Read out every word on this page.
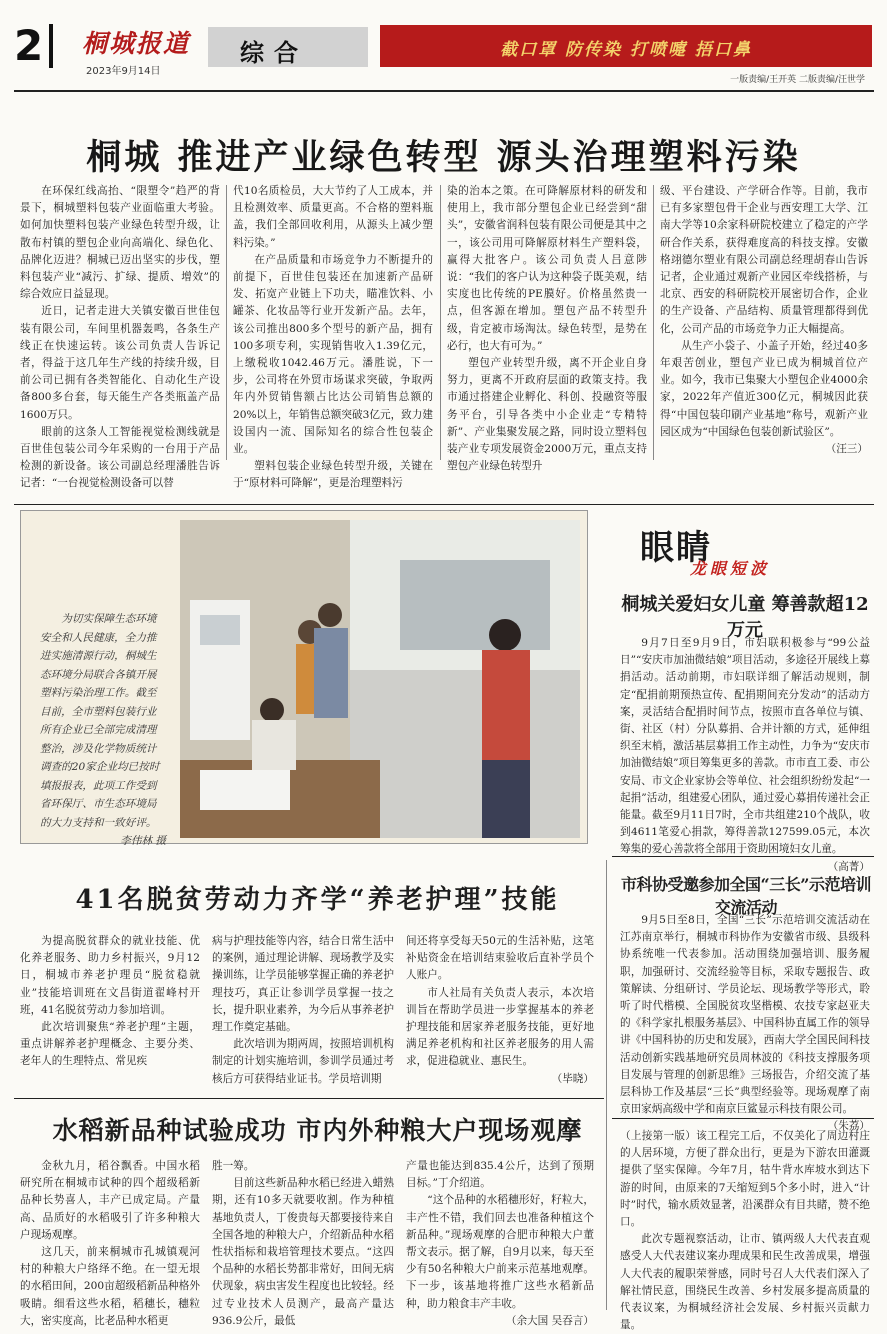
2	桐城报道
2023年9月14日
综合	截口罩 防传染 打喷嚏 捂口鼻
一版责编/王开英 二版责编/汪世学
桐城 推进产业绿色转型 源头治理塑料污染

在环保红线高抬、“限塑令”趋严的背景下，桐城塑料包装产业面临重大考验。如何加快塑料包装产业绿色转型升级，让散布村镇的塑包企业向高端化、绿色化、品牌化迈进？桐城已迈出坚实的步伐，塑料包装产业“减污、扩绿、提质、增效”的综合效应日益显现。

近日，记者走进大关镇安徽百世佳包装有限公司，车间里机器轰鸣，各条生产线正在快速运转。该公司负责人告诉记者，得益于这几年生产线的持续升级，目前公司已拥有各类智能化、自动化生产设备800多台套，每天能生产各类瓶盖产品1600万只。

眼前的这条人工智能视觉检测线就是百世佳包装公司今年采购的一台用于产品检测的新设备。该公司副总经理潘胜告诉记者：“一台视觉检测设备可以替

代10名质检员，大大节约了人工成本，并且检测效率、质量更高。不合格的塑料瓶盖，我们全部回收利用，从源头上减少塑料污染。”

在产品质量和市场竞争力不断提升的前提下，百世佳包装还在加速新产品研发、拓宽产业链上下功夫，瞄准饮料、小罐茶、化妆品等行业开发新产品。去年，该公司推出800多个型号的新产品，拥有100多项专利，实现销售收入1.39亿元，上缴税收1042.46万元。潘胜说，下一步，公司将在外贸市场谋求突破，争取两年内外贸销售额占比达公司销售总额的20%以上，年销售总额突破3亿元，致力建设国内一流、国际知名的综合性包装企业。

塑料包装企业绿色转型升级，关键在于“原材料可降解”，更是治理塑料污

染的治本之策。在可降解原材料的研发和使用上，我市部分塑包企业已经尝到“甜头”，安徽省润科包装有限公司便是其中之一，该公司用可降解原材料生产塑料袋，赢得大批客户。该公司负责人吕意陟说：“我们的客户认为这种袋子既美观，结实度也比传统的PE膜好。价格虽然贵一点，但客源在增加。塑包产品不转型升级，肯定被市场淘汰。绿色转型，是势在必行，也大有可为。”

塑包产业转型升级，离不开企业自身努力，更离不开政府层面的政策支持。我市通过搭建企业孵化、科创、投融资等服务平台，引导各类中小企业走“专精特新”、产业集聚发展之路，同时设立塑料包装产业专项发展资金2000万元，重点支持塑包产业绿色转型升

级、平台建设、产学研合作等。目前，我市已有多家塑包骨干企业与西安理工大学、江南大学等10余家科研院校建立了稳定的产学研合作关系，获得难度高的科技支撑。安徽格翊德尔塑业有限公司副总经理胡春山告诉记者，企业通过观新产业园区牵线搭桥，与北京、西安的科研院校开展密切合作，企业的生产设备、产品结构、质量管理都得到优化，公司产品的市场竞争力正大幅提高。

从生产小袋子、小盖子开始，经过40多年艰苦创业，塑包产业已成为桐城首位产业。如今，我市已集聚大小塑包企业4000余家，2022年产值近300亿元，桐城因此获得“中国包装印刷产业基地”称号，观新产业园区成为“中国绿色包装创新试验区”。

（汪三）

为切实保障生态环境安全和人民健康，全力推进实施清源行动，桐城生态环境分局联合各镇开展塑料污染治理工作。截至目前，全市塑料包装行业所有企业已全部完成清理整治，涉及化学物质统计调查的20家企业均已按时填报报表，此项工作受到省环保厅、市生态环境局的大力支持和一致好评。

李伟林 摄
眼睛
龙眼短波
桐城关爱妇女儿童 筹善款超12万元

9月7日至9月9日，市妇联积极参与“99公益日”“安庆市加油微结娘”项目活动，多途径开展线上募捐活动。活动前期，市妇联详细了解活动规则，制定“配捐前期预热宣传、配捐期间充分发动”的活动方案，灵活结合配捐时间节点，按照市直各单位与镇、街、社区（村）分队募捐、合并计额的方式，延伸组织至末梢，激活基层募捐工作主动性，力争为“安庆市加油微结娘”项目筹集更多的善款。市市直工委、市公安局、市文企业家协会等单位、社会组织纷纷发起“一起捐”活动，组建爱心团队，通过爱心募捐传递社会正能量。截至9月11日7时，全市共组建210个战队，收到4611笔爱心捐款，筹得善款127599.05元，本次筹集的爱心善款将全部用于资助困境妇女儿童。

（高菁）
市科协受邀参加全国“三长”示范培训交流活动

9月5日至8日，全国“三长”示范培训交流活动在江苏南京举行，桐城市科协作为安徽省市级、县级科协系统唯一代表参加。活动围绕加强培训、服务履职，加强研讨、交流经验等目标，采取专题报告、政策解读、分组研讨、学员论坛、现场教学等形式，聆听了时代楷模、全国脱贫攻坚楷模、农技专家赵亚夫的《科学家扎根服务基层》、中国科协直属工作的领导讲《中国科协的历史和发展》，西南大学全国民间科技活动创新实践基地研究员周林波的《科技支撑服务项目发展与管理的创新思维》三场报告，介绍交流了基层科协工作及基层“三长”典型经验等。现场观摩了南京田家炳高级中学和南京巨鲨显示科技有限公司。

（朱荔）

（上接第一版）该工程完工后，不仅美化了周边村庄的人居环境，方便了群众出行，更是为下游农田灌溉提供了坚实保障。今年7月，牯牛背水库坡水到达下游的时间，由原来的7天缩短到5个多小时，进入“计时”时代，输水质效显著，沿溪群众有目共睹，赞不绝口。

此次专题视察活动，让市、镇两级人大代表直观感受人大代表建议案办理成果和民生改善成果，增强人大代表的履职荣誉感，同时号召人大代表们深入了解社情民意，围绕民生改善、乡村发展多提高质量的代表议案，为桐城经济社会发展、乡村振兴贡献力量。

41名脱贫劳动力齐学“养老护理”技能

为提高脱贫群众的就业技能、优化养老服务、助力乡村振兴，9月12日，桐城市养老护理员“脱贫稳就业”技能培训班在文昌街道翟峰村开班，41名脱贫劳动力参加培训。

此次培训聚焦“养老护理”主题，重点讲解养老护理概念、主要分类、老年人的生理特点、常见疾

病与护理技能等内容，结合日常生活中的案例，通过理论讲解、现场教学及实操训练，让学员能够掌握正确的养老护理技巧，真正让参训学员掌握一技之长，提升职业素养，为今后从事养老护理工作奠定基础。

此次培训为期两周，按照培训机构制定的计划实施培训，参训学员通过考核后方可获得结业证书。学员培训期

间还将享受每天50元的生活补贴，这笔补贴资金在培训结束验收后直补学员个人账户。

市人社局有关负责人表示，本次培训旨在帮助学员进一步掌握基本的养老护理技能和居家养老服务技能，更好地满足养老机构和社区养老服务的用人需求，促进稳就业、惠民生。

（毕晓）
水稻新品种试验成功 市内外种粮大户现场观摩

金秋九月，稻谷飘香。中国水稻研究所在桐城市试种的四个超级稻新品种长势喜人，丰产已成定局。产量高、品质好的水稻吸引了许多种粮大户现场观摩。

这几天，前来桐城市孔城镇观河村的种粮大户络绎不绝。在一望无垠的水稻田间，200亩超级稻新品种格外吸睛。细看这些水稻，稻穗长，穗粒大，密实度高，比老品种水稻更

胜一筹。

目前这些新品种水稻已经进入蜡熟期，还有10多天就要收割。作为种植基地负责人，丁俊贵每天都要接待来自全国各地的种粮大户，介绍新品种水稻性状指标和栽培管理技术要点。“这四个品种的水稻长势都非常好，田间无病伏现象，病虫害发生程度也比较轻。经过专业技术人员测产，最高产量达936.9公斤，最低

产量也能达到835.4公斤，达到了预期目标。”丁介绍道。

“这个品种的水稻穗形好，籽粒大，丰产性不错，我们回去也准备种植这个新品种。”现场观摩的合肥市种粮大户董帮文表示。据了解，自9月以来，每天至少有50名种粮大户前来示范基地观摩。下一步，该基地将推广这些水稻新品种，助力粮食丰产丰收。

（余大国 吴吞言）
